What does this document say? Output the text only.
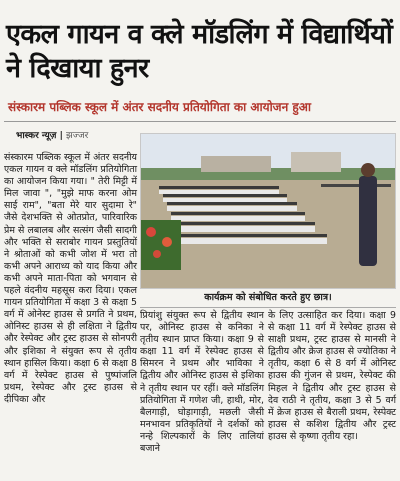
एकल गायन व क्ले मॉडलिंग में विद्यार्थियों ने दिखाया हुनर
संस्कारम पब्लिक स्कूल में अंतर सदनीय प्रतियोगिता का आयोजन हुआ
भास्कर न्यूज़ | झज्जर

संस्कारम पब्लिक स्कूल में अंतर सदनीय एकल गायन व क्ले मॉडलिंग प्रतियोगिता का आयोजन किया गया। " तेरी मिट्टी में मिल जावा ", "मुझे माफ करना ओम साई राम", "बता मेरे यार सुदामा रे" जैसे देशभक्ति से ओतप्रोत, पारिवारिक प्रेम से लबालब और सत्संग जैसी सादगी और भक्ति से सराबोर गायन प्रस्तुतियों ने श्रोताओं को कभी जोश में भरा तो कभी अपने आराध्य को याद किया और कभी अपने माता-पिता को भगवान से पहले वंदनीय महसूस करा दिया। एकल गायन प्रतियोगिता में कक्षा 3 से कक्षा 5 वर्ग में ओनेस्ट हाउस से प्रगति ने प्रथम, ओनिस्ट हाउस से ही लक्षिता ने द्वितीय और रेस्पेक्ट और ट्रस्ट हाउस से सोनपरी और इशिका ने संयुक्त रूप से तृतीय स्थान हासिल किया। कक्षा 6 से कक्षा 8 वर्ग में रेस्पेक्ट हाउस से पुष्पांजलि प्रथम, रेस्पेक्ट और ट्रस्ट हाउस से दीपिका और

कार्यक्रम को संबोधित करते हुए छात्र।

प्रियांशु संयुक्त रूप से द्वितीय स्थान पर, ओनिस्ट हाउस से कनिका ने तृतीय स्थान प्राप्त किया। कक्षा 9 से कक्षा 11 वर्ग में रेस्पेक्ट हाउस से सिमरन ने प्रथम और भाविका ने द्वितीय और ओनिस्ट हाउस से इशिका ने तृतीय स्थान पर रहीं। क्ले मॉडलिंग प्रतियोगिता में गणेश जी, हाथी, मोर, बैलगाड़ी, घोड़ागाड़ी, मछली जैसी मनभावन प्रतिकृतियों ने दर्शकों को नन्हे शिल्पकारों के लिए तालियां बजाने

के लिए उत्साहित कर दिया। कक्षा 9 से कक्षा 11 वर्ग में रेस्पेक्ट हाउस से साक्षी प्रथम, ट्रस्ट हाउस से मानसी ने द्वितीय और क्रेज हाउस से ज्योतिका ने तृतीय, कक्षा 6 से 8 वर्ग में ओनिस्ट हाउस की गुंजन से प्रथम, रेस्पेक्ट की मिहल ने द्वितीय और ट्रस्ट हाउस से देव राठी ने तृतीय, कक्षा 3 से 5 वर्ग में क्रेज हाउस से बैराली प्रथम, रेस्पेक्ट हाउस से कशिश द्वितीय और ट्रस्ट हाउस से कृष्णा तृतीय रहा।
